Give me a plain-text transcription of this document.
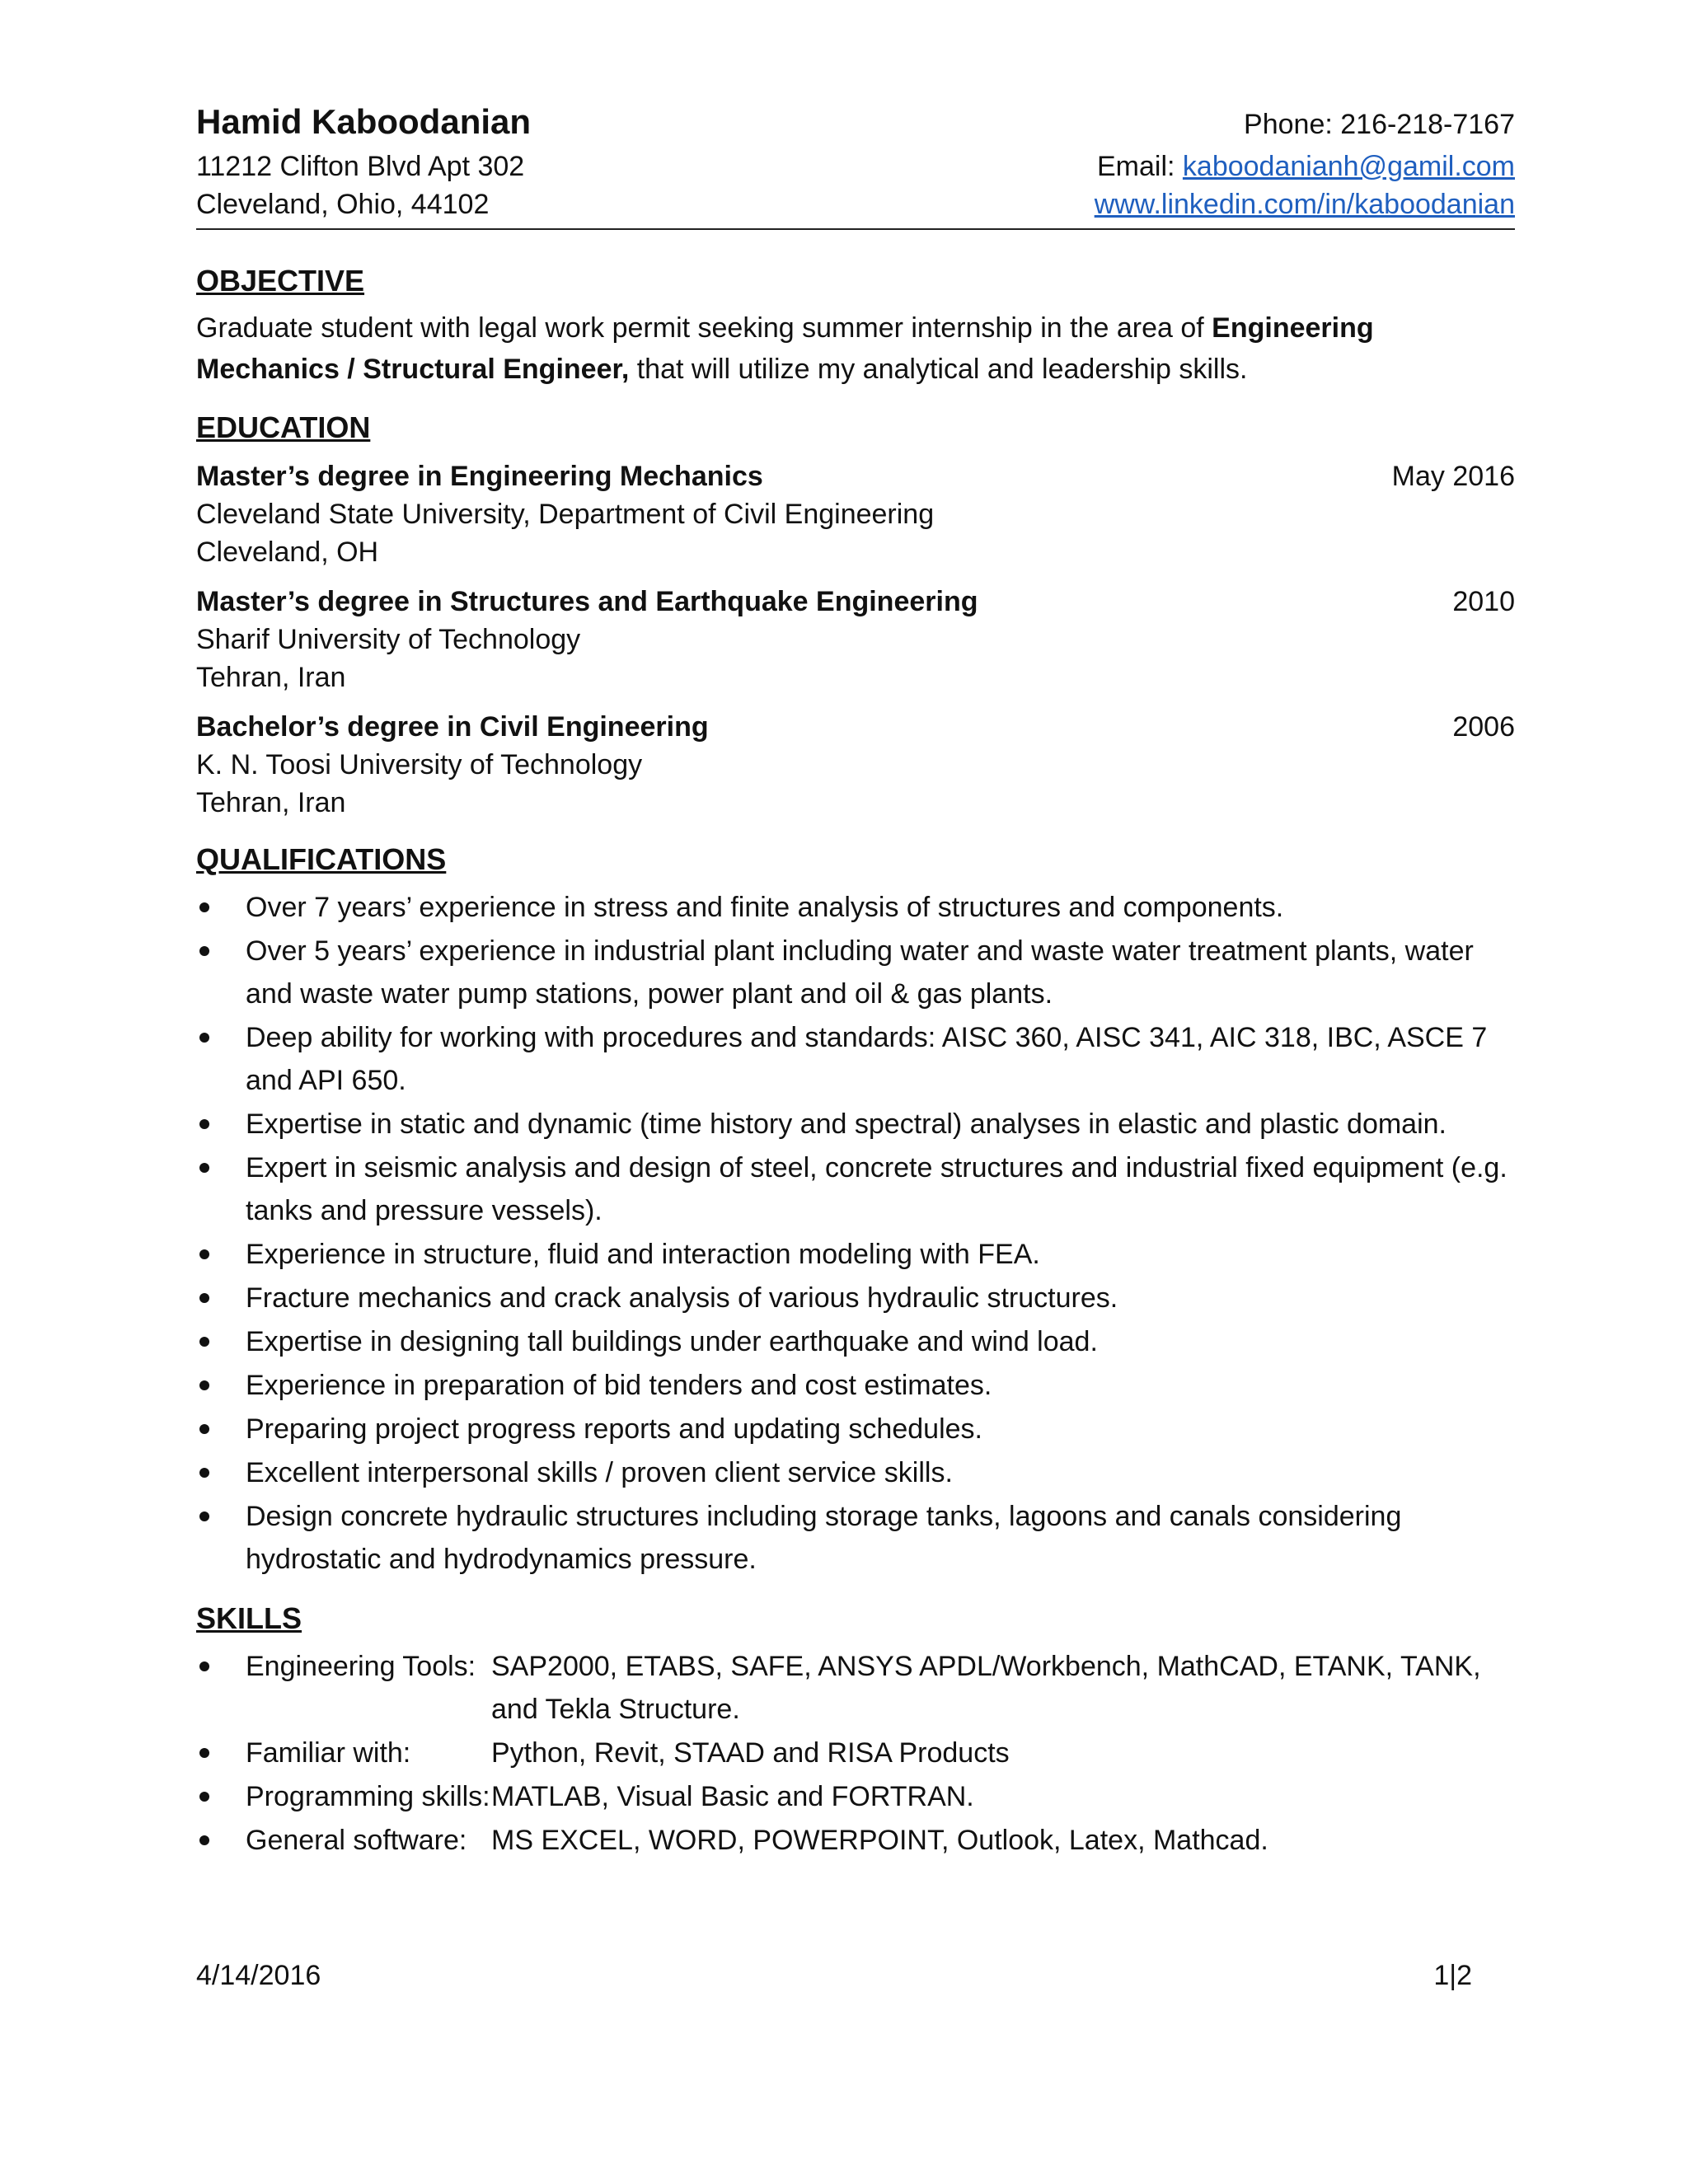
Hamid Kaboodanian	Phone: 216-218-7167
11212 Clifton Blvd Apt 302	Email: kaboodanianh@gamil.com
Cleveland, Ohio, 44102	www.linkedin.com/in/kaboodanian
OBJECTIVE
Graduate student with legal work permit seeking summer internship in the area of Engineering Mechanics / Structural Engineer, that will utilize my analytical and leadership skills.
EDUCATION
Master’s degree in Engineering Mechanics	May 2016
Cleveland State University, Department of Civil Engineering
Cleveland, OH
Master’s degree in Structures and Earthquake Engineering	2010
Sharif University of Technology
Tehran, Iran
Bachelor’s degree in Civil Engineering	2006
K. N. Toosi University of Technology
Tehran, Iran
QUALIFICATIONS
Over 7 years’ experience in stress and finite analysis of structures and components.
Over 5 years’ experience in industrial plant including water and waste water treatment plants, water and waste water pump stations, power plant and oil & gas plants.
Deep ability for working with procedures and standards: AISC 360, AISC 341, AIC 318, IBC, ASCE 7 and API 650.
Expertise in static and dynamic (time history and spectral) analyses in elastic and plastic domain.
Expert in seismic analysis and design of steel, concrete structures and industrial fixed equipment (e.g. tanks and pressure vessels).
Experience in structure, fluid and interaction modeling with FEA.
Fracture mechanics and crack analysis of various hydraulic structures.
Expertise in designing tall buildings under earthquake and wind load.
Experience in preparation of bid tenders and cost estimates.
Preparing project progress reports and updating schedules.
Excellent interpersonal skills / proven client service skills.
Design concrete hydraulic structures including storage tanks, lagoons and canals considering hydrostatic and hydrodynamics pressure.
SKILLS
Engineering Tools: SAP2000, ETABS, SAFE, ANSYS APDL/Workbench, MathCAD, ETANK, TANK, and Tekla Structure.
Familiar with:	Python, Revit, STAAD and RISA Products
Programming skills: MATLAB, Visual Basic and FORTRAN.
General software: MS EXCEL, WORD, POWERPOINT, Outlook, Latex, Mathcad.
4/14/2016	1|2
